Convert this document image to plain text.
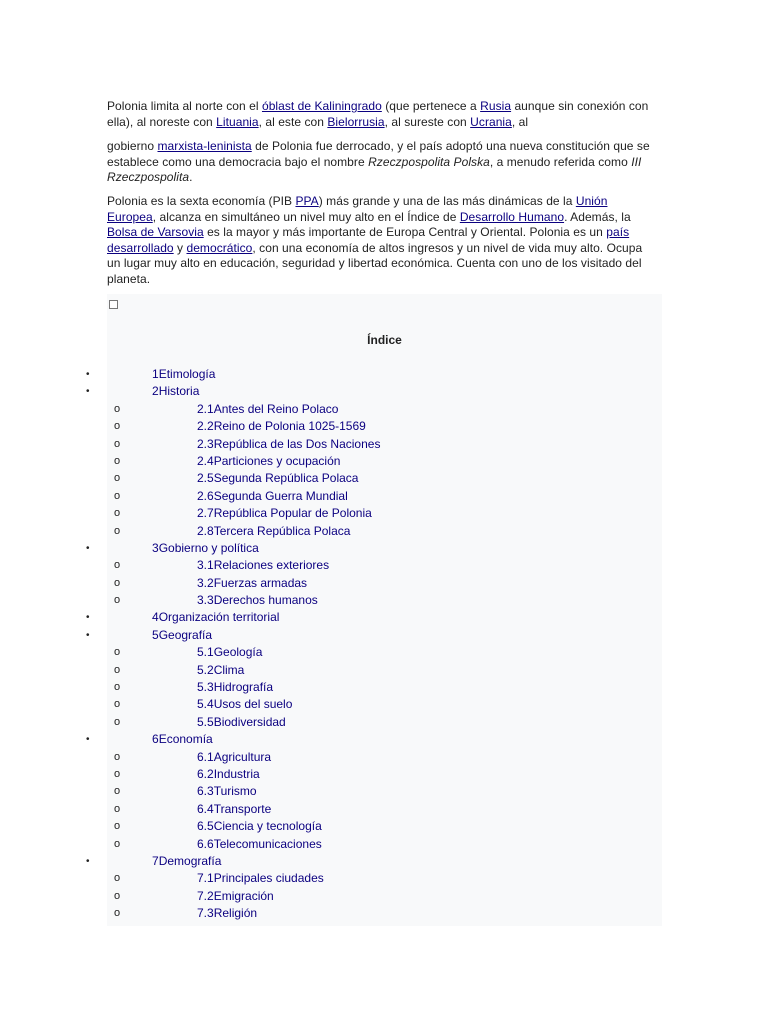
Polonia limita al norte con el óblast de Kaliningrado (que pertenece a Rusia aunque sin conexión con ella), al noreste con Lituania, al este con Bielorrusia, al sureste con Ucrania, al

gobierno marxista-leninista de Polonia fue derrocado, y el país adoptó una nueva constitución que se establece como una democracia bajo el nombre Rzeczpospolita Polska, a menudo referida como III Rzeczpospolita.

Polonia es la sexta economía (PIB PPA) más grande y una de las más dinámicas de la Unión Europea, alcanza en simultáneo un nivel muy alto en el Índice de Desarrollo Humano. Además, la Bolsa de Varsovia es la mayor y más importante de Europa Central y Oriental. Polonia es un país desarrollado y democrático, con una economía de altos ingresos y un nivel de vida muy alto. Ocupa un lugar muy alto en educación, seguridad y libertad económica. Cuenta con uno de los visitado del planeta.

Índice
•	1Etimología
•	2Historia
o	2.1Antes del Reino Polaco
o	2.2Reino de Polonia 1025-1569
o	2.3República de las Dos Naciones
o	2.4Particiones y ocupación
o	2.5Segunda República Polaca
o	2.6Segunda Guerra Mundial
o	2.7República Popular de Polonia
o	2.8Tercera República Polaca
•	3Gobierno y política
o	3.1Relaciones exteriores
o	3.2Fuerzas armadas
o	3.3Derechos humanos
•	4Organización territorial
•	5Geografía
o	5.1Geología
o	5.2Clima
o	5.3Hidrografía
o	5.4Usos del suelo
o	5.5Biodiversidad
•	6Economía
o	6.1Agricultura
o	6.2Industria
o	6.3Turismo
o	6.4Transporte
o	6.5Ciencia y tecnología
o	6.6Telecomunicaciones
•	7Demografía
o	7.1Principales ciudades
o	7.2Emigración
o	7.3Religión
